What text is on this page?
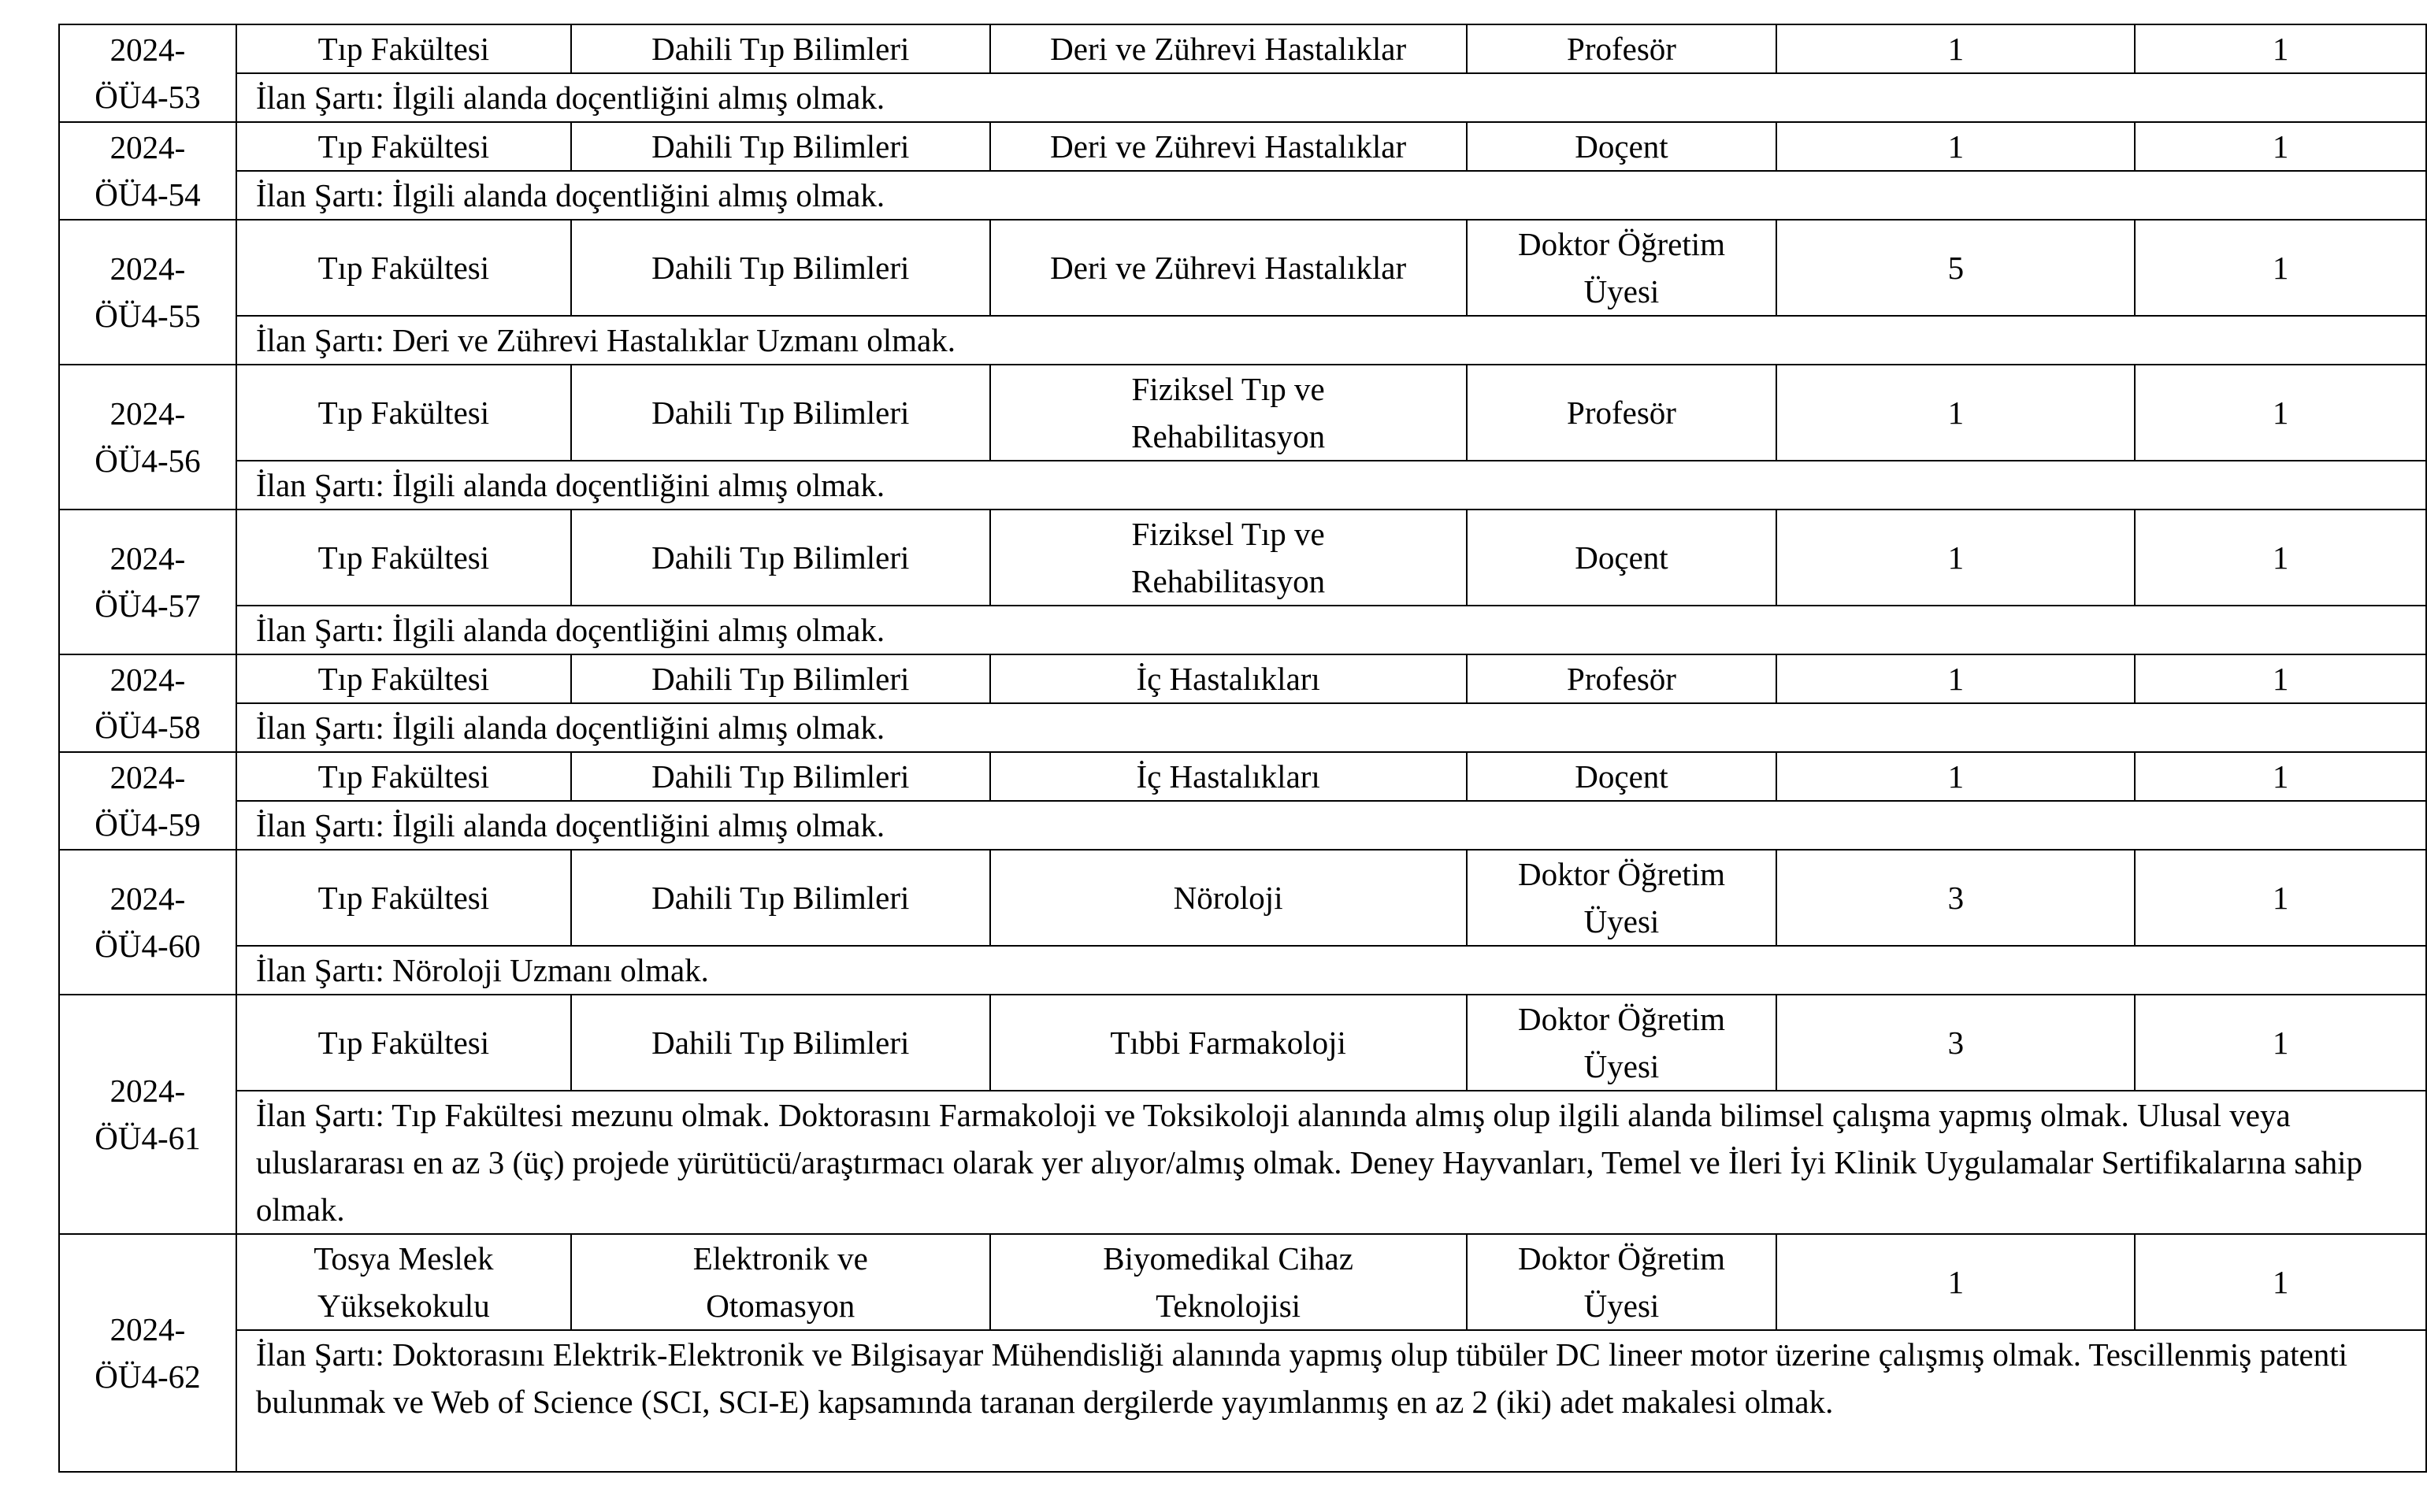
2024-
ÖÜ4-53	Tıp Fakültesi	Dahili Tıp Bilimleri	Deri ve Zührevi Hastalıklar	Profesör	1	1
	İlan Şartı: İlgili alanda doçentliğini almış olmak.					

2024-
ÖÜ4-54	Tıp Fakültesi	Dahili Tıp Bilimleri	Deri ve Zührevi Hastalıklar	Doçent	1	1
	İlan Şartı: İlgili alanda doçentliğini almış olmak.					

2024-
ÖÜ4-55	Tıp Fakültesi	Dahili Tıp Bilimleri	Deri ve Zührevi Hastalıklar	Doktor Öğretim Üyesi	5	1
	İlan Şartı: Deri ve Zührevi Hastalıklar Uzmanı olmak.					

2024-
ÖÜ4-56	Tıp Fakültesi	Dahili Tıp Bilimleri	Fiziksel Tıp ve Rehabilitasyon	Profesör	1	1
	İlan Şartı: İlgili alanda doçentliğini almış olmak.					

2024-
ÖÜ4-57	Tıp Fakültesi	Dahili Tıp Bilimleri	Fiziksel Tıp ve Rehabilitasyon	Doçent	1	1
	İlan Şartı: İlgili alanda doçentliğini almış olmak.					

2024-
ÖÜ4-58	Tıp Fakültesi	Dahili Tıp Bilimleri	İç Hastalıkları	Profesör	1	1
	İlan Şartı: İlgili alanda doçentliğini almış olmak.					

2024-
ÖÜ4-59	Tıp Fakültesi	Dahili Tıp Bilimleri	İç Hastalıkları	Doçent	1	1
	İlan Şartı: İlgili alanda doçentliğini almış olmak.					

2024-
ÖÜ4-60	Tıp Fakültesi	Dahili Tıp Bilimleri	Nöroloji	Doktor Öğretim Üyesi	3	1
	İlan Şartı: Nöroloji Uzmanı olmak.					

2024-
ÖÜ4-61	Tıp Fakültesi	Dahili Tıp Bilimleri	Tıbbi Farmakoloji	Doktor Öğretim Üyesi	3	1
	İlan Şartı: Tıp Fakültesi mezunu olmak. Doktorasını Farmakoloji ve Toksikoloji alanında almış olup ilgili alanda bilimsel çalışma yapmış olmak. Ulusal veya uluslararası en az 3 (üç) projede yürütücü/araştırmacı olarak yer alıyor/almış olmak. Deney Hayvanları, Temel ve İleri İyi Klinik Uygulamalar Sertifikalarına sahip olmak.					

2024-
ÖÜ4-62	Tosya Meslek Yüksekokulu	Elektronik ve Otomasyon	Biyomedikal Cihaz Teknolojisi	Doktor Öğretim Üyesi	1	1
	İlan Şartı: Doktorasını Elektrik-Elektronik ve Bilgisayar Mühendisliği alanında yapmış olup tübüler DC lineer motor üzerine çalışmış olmak. Tescillenmiş patenti bulunmak ve Web of Science (SCI, SCI-E) kapsamında taranan dergilerde yayımlanmış en az 2 (iki) adet makalesi olmak.					
